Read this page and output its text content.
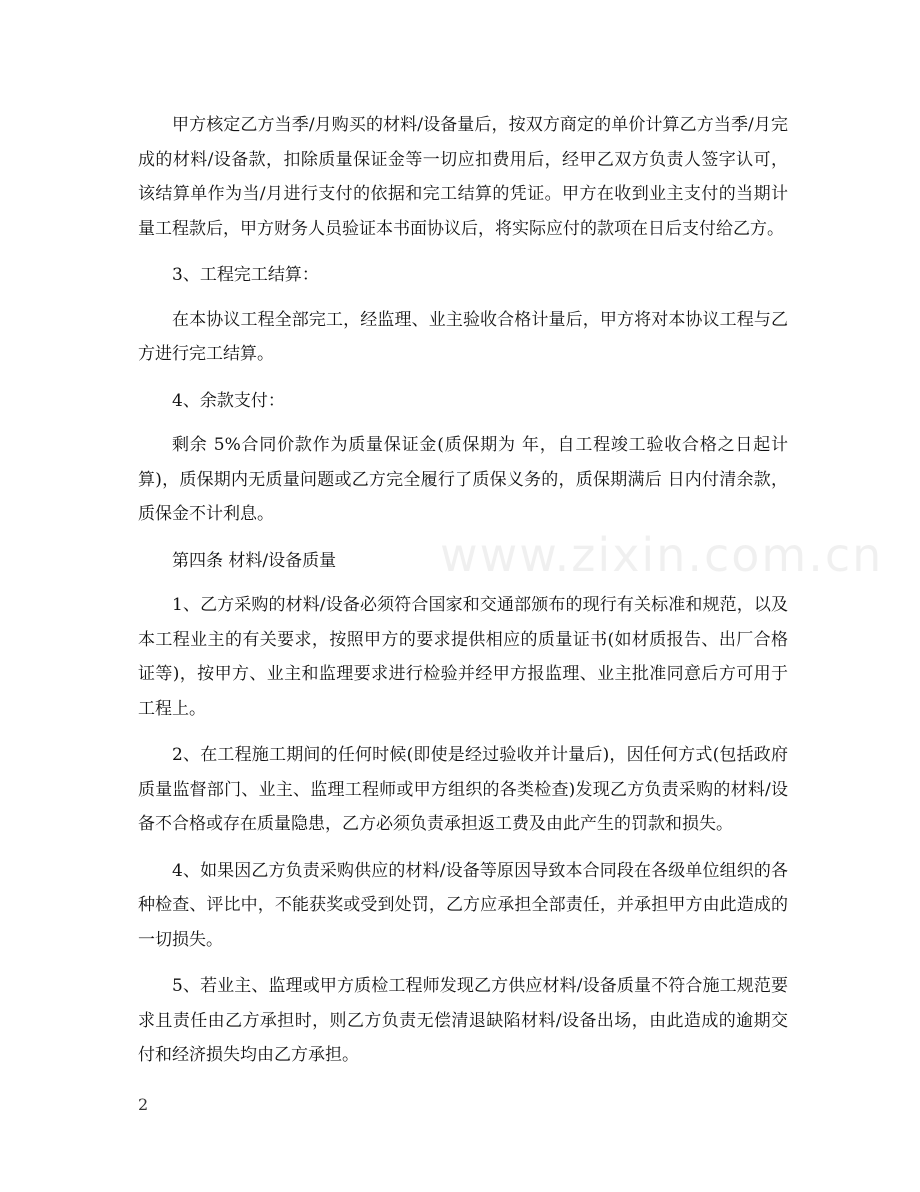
甲方核定乙方当季/月购买的材料/设备量后，按双方商定的单价计算乙方当季/月完成的材料/设备款，扣除质量保证金等一切应扣费用后，经甲乙双方负责人签字认可，该结算单作为当/月进行支付的依据和完工结算的凭证。甲方在收到业主支付的当期计量工程款后，甲方财务人员验证本书面协议后，将实际应付的款项在日后支付给乙方。

3、工程完工结算：

在本协议工程全部完工，经监理、业主验收合格计量后，甲方将对本协议工程与乙方进行完工结算。

4、余款支付：

剩余 5%合同价款作为质量保证金(质保期为 年，自工程竣工验收合格之日起计算)，质保期内无质量问题或乙方完全履行了质保义务的，质保期满后 日内付清余款，质保金不计利息。

第四条 材料/设备质量

1、乙方采购的材料/设备必须符合国家和交通部颁布的现行有关标准和规范，以及本工程业主的有关要求，按照甲方的要求提供相应的质量证书(如材质报告、出厂合格证等)，按甲方、业主和监理要求进行检验并经甲方报监理、业主批准同意后方可用于工程上。

2、在工程施工期间的任何时候(即使是经过验收并计量后)，因任何方式(包括政府质量监督部门、业主、监理工程师或甲方组织的各类检查)发现乙方负责采购的材料/设备不合格或存在质量隐患，乙方必须负责承担返工费及由此产生的罚款和损失。

4、如果因乙方负责采购供应的材料/设备等原因导致本合同段在各级单位组织的各种检查、评比中，不能获奖或受到处罚，乙方应承担全部责任，并承担甲方由此造成的一切损失。

5、若业主、监理或甲方质检工程师发现乙方供应材料/设备质量不符合施工规范要求且责任由乙方承担时，则乙方负责无偿清退缺陷材料/设备出场，由此造成的逾期交付和经济损失均由乙方承担。

www.zixin.com.cn
2
